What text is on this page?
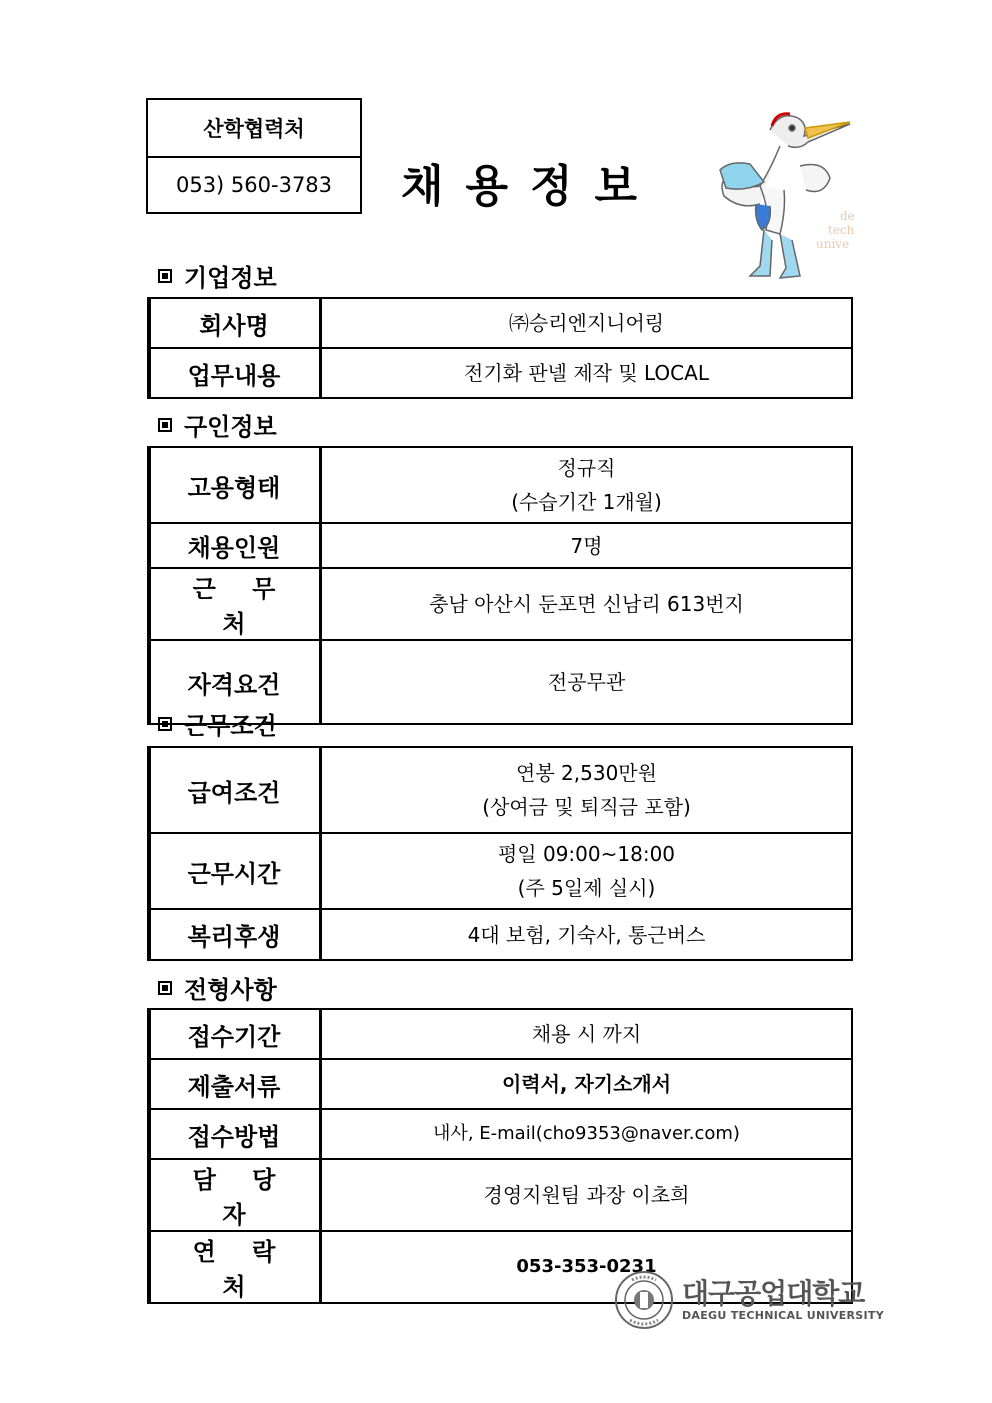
산학협력처
053) 560-3783	채용정보
de
tech
unive
기업정보
회사명	㈜승리엔지니어링
업무내용	전기화 판넬 제작 및 LOCAL
구인정보
고용형태	정규직
(수습기간 1개월)

채용인원	7명
근 무 처	충남 아산시 둔포면 신남리 613번지
자격요건	전공무관
근무조건
급여조건	연봉 2,530만원
(상여금 및 퇴직금 포함)

근무시간	평일 09:00~18:00
(주 5일제 실시)

복리후생	4대 보험, 기숙사, 통근버스
전형사항
접수기간	채용 시 까지
제출서류	이력서, 자기소개서
접수방법	내사, E-mail(cho9353@naver.com)
담 당 자	경영지원팀 과장 이초희
연 락 처	053-353-0231
대구공업대학교
DAEGU TECHNICAL UNIVERSITY
